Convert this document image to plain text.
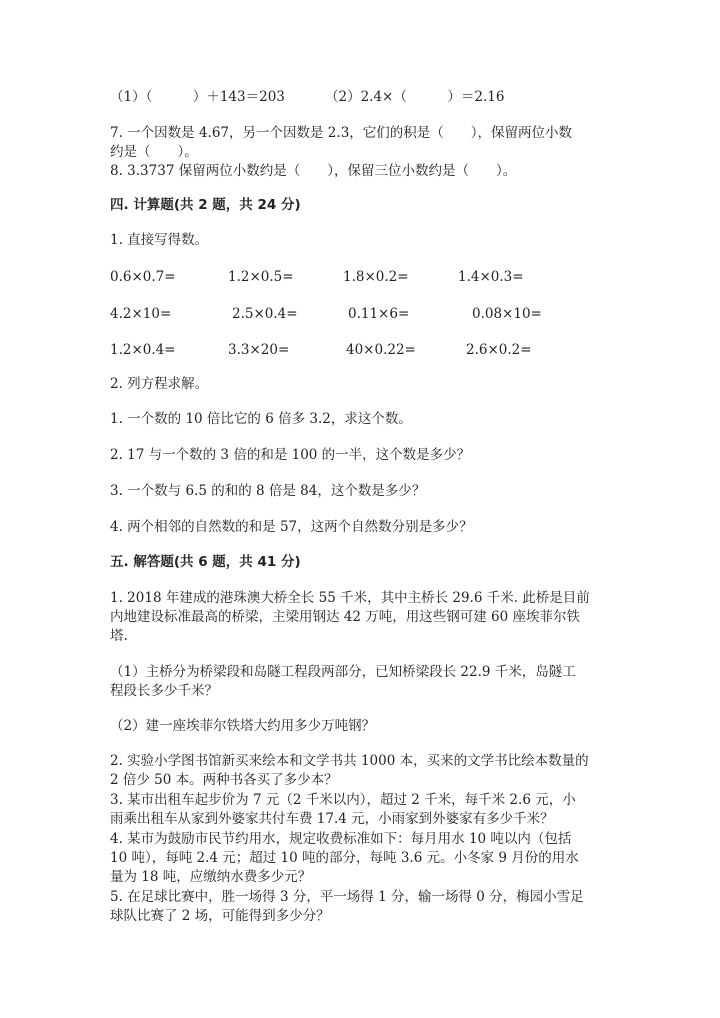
（1）（　　　）＋143＝203	（2）2.4×（　　　）＝2.16
7. 一个因数是 4.67，另一个因数是 2.3，它们的积是（　　），保留两位小数
约是（　　）。
8. 3.3737 保留两位小数约是（　　），保留三位小数约是（　　）。
四. 计算题(共 2 题，共 24 分)
1. 直接写得数。
0.6×0.7=	1.2×0.5=	1.8×0.2=	1.4×0.3=
4.2×10=	2.5×0.4=	0.11×6=	0.08×10=
1.2×0.4=	3.3×20=	40×0.22=	2.6×0.2=
2. 列方程求解。
1. 一个数的 10 倍比它的 6 倍多 3.2，求这个数。
2. 17 与一个数的 3 倍的和是 100 的一半，这个数是多少？
3. 一个数与 6.5 的和的 8 倍是 84，这个数是多少？
4. 两个相邻的自然数的和是 57，这两个自然数分别是多少？
五. 解答题(共 6 题，共 41 分)
1. 2018 年建成的港珠澳大桥全长 55 千米，其中主桥长 29.6 千米. 此桥是目前
内地建设标准最高的桥梁，主梁用钢达 42 万吨，用这些钢可建 60 座埃菲尔铁
塔.
（1）主桥分为桥梁段和岛隧工程段两部分，已知桥梁段长 22.9 千米，岛隧工
程段长多少千米？
（2）建一座埃菲尔铁塔大约用多少万吨钢？
2. 实验小学图书馆新买来绘本和文学书共 1000 本，买来的文学书比绘本数量的
2 倍少 50 本。两种书各买了多少本？
3. 某市出租车起步价为 7 元（2 千米以内），超过 2 千米，每千米 2.6 元，小
雨乘出租车从家到外婆家共付车费 17.4 元，小雨家到外婆家有多少千米？
4. 某市为鼓励市民节约用水，规定收费标准如下：每月用水 10 吨以内（包括
10 吨），每吨 2.4 元；超过 10 吨的部分，每吨 3.6 元。小冬家 9 月份的用水
量为 18 吨，应缴纳水费多少元？
5. 在足球比赛中，胜一场得 3 分，平一场得 1 分，输一场得 0 分，梅园小雪足
球队比赛了 2 场，可能得到多少分？
